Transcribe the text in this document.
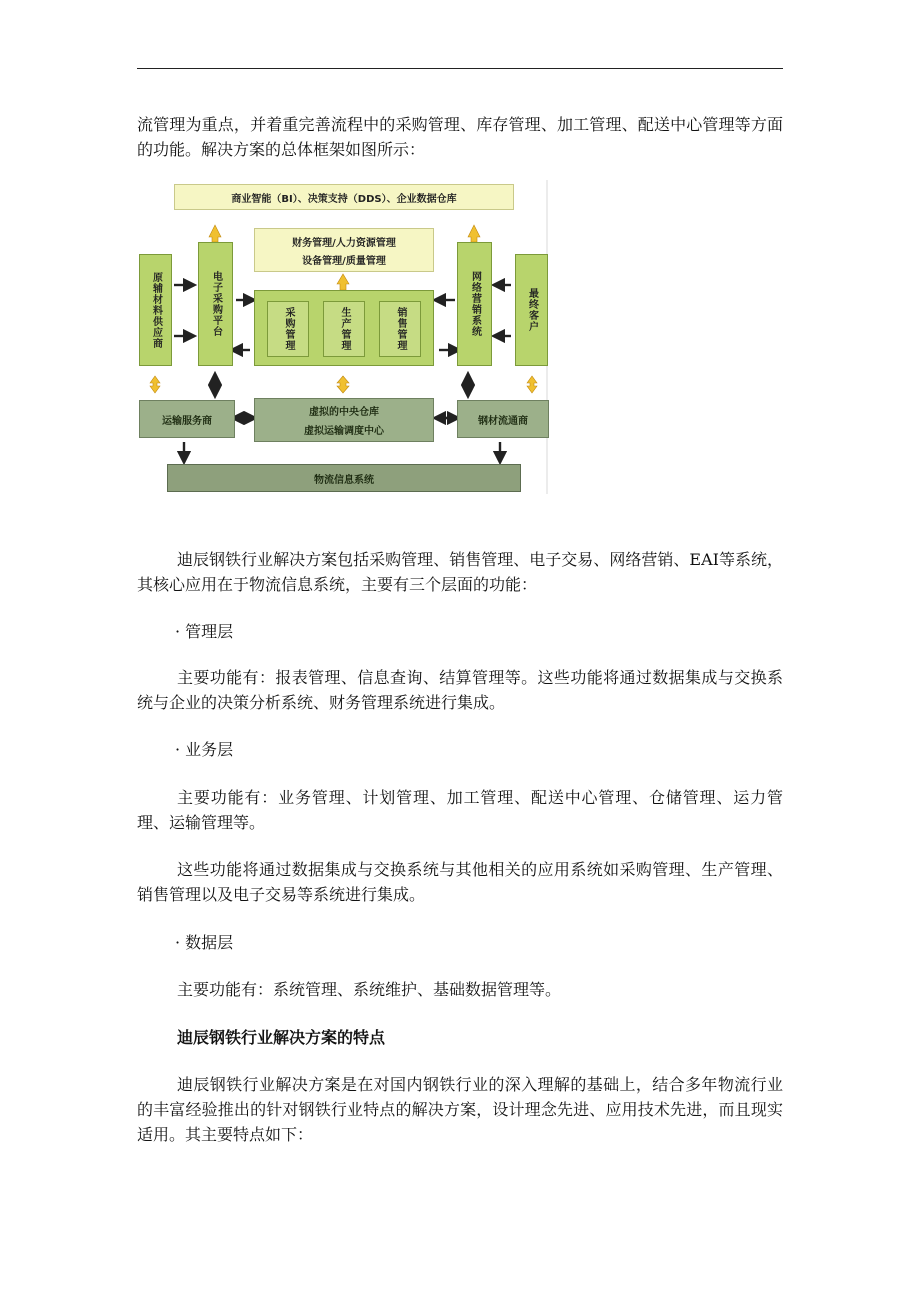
流管理为重点，并着重完善流程中的采购管理、库存管理、加工管理、配送中心管理等方面的功能。解决方案的总体框架如图所示：

商业智能（BI）、决策支持（DDS）、企业数据仓库
财务管理/人力资源管理
设备管理/质量管理
原辅材料供应商	电子采购平台	采购管理	生产管理	销售管理	网络营销系统	最终客户
运输服务商
虚拟的中央仓库
虚拟运输调度中心
钢材流通商
物流信息系统

迪辰钢铁行业解决方案包括采购管理、销售管理、电子交易、网络营销、EAI等系统，其核心应用在于物流信息系统，主要有三个层面的功能：

· 管理层

主要功能有：报表管理、信息查询、结算管理等。这些功能将通过数据集成与交换系统与企业的决策分析系统、财务管理系统进行集成。

· 业务层

主要功能有：业务管理、计划管理、加工管理、配送中心管理、仓储管理、运力管理、运输管理等。

这些功能将通过数据集成与交换系统与其他相关的应用系统如采购管理、生产管理、销售管理以及电子交易等系统进行集成。

· 数据层

主要功能有：系统管理、系统维护、基础数据管理等。

迪辰钢铁行业解决方案的特点

迪辰钢铁行业解决方案是在对国内钢铁行业的深入理解的基础上，结合多年物流行业的丰富经验推出的针对钢铁行业特点的解决方案，设计理念先进、应用技术先进，而且现实适用。其主要特点如下：
